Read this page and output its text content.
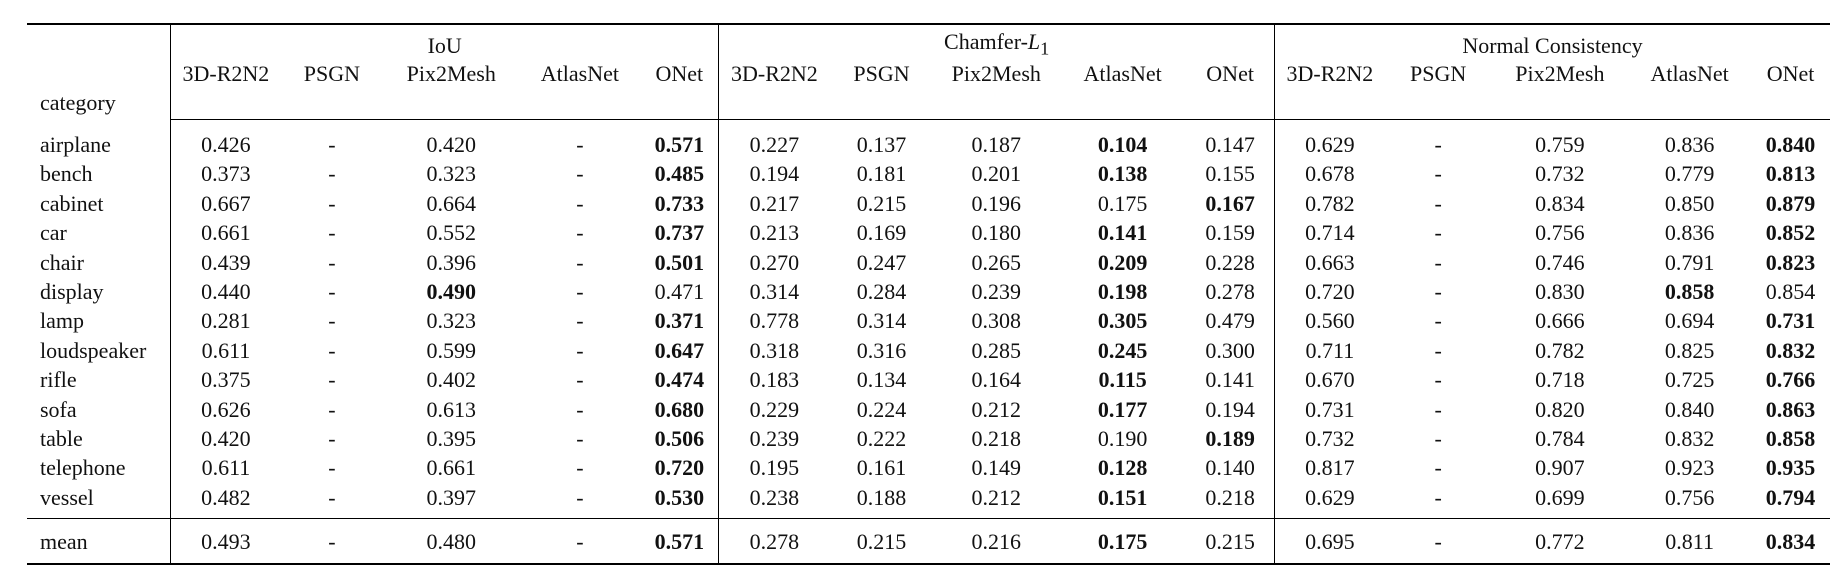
category	IoU					Chamfer-$L_1$					Normal Consistency				
	3D-R2N2	PSGN	Pix2Mesh	AtlasNet	ONet	3D-R2N2	PSGN	Pix2Mesh	AtlasNet	ONet	3D-R2N2	PSGN	Pix2Mesh	AtlasNet	ONet

airplane	0.426	-	0.420	-	0.571	0.227	0.137	0.187	0.104	0.147	0.629	-	0.759	0.836	0.840
bench	0.373	-	0.323	-	0.485	0.194	0.181	0.201	0.138	0.155	0.678	-	0.732	0.779	0.813
cabinet	0.667	-	0.664	-	0.733	0.217	0.215	0.196	0.175	0.167	0.782	-	0.834	0.850	0.879
car	0.661	-	0.552	-	0.737	0.213	0.169	0.180	0.141	0.159	0.714	-	0.756	0.836	0.852
chair	0.439	-	0.396	-	0.501	0.270	0.247	0.265	0.209	0.228	0.663	-	0.746	0.791	0.823
display	0.440	-	0.490	-	0.471	0.314	0.284	0.239	0.198	0.278	0.720	-	0.830	0.858	0.854
lamp	0.281	-	0.323	-	0.371	0.778	0.314	0.308	0.305	0.479	0.560	-	0.666	0.694	0.731
loudspeaker	0.611	-	0.599	-	0.647	0.318	0.316	0.285	0.245	0.300	0.711	-	0.782	0.825	0.832
rifle	0.375	-	0.402	-	0.474	0.183	0.134	0.164	0.115	0.141	0.670	-	0.718	0.725	0.766
sofa	0.626	-	0.613	-	0.680	0.229	0.224	0.212	0.177	0.194	0.731	-	0.820	0.840	0.863
table	0.420	-	0.395	-	0.506	0.239	0.222	0.218	0.190	0.189	0.732	-	0.784	0.832	0.858
telephone	0.611	-	0.661	-	0.720	0.195	0.161	0.149	0.128	0.140	0.817	-	0.907	0.923	0.935
vessel	0.482	-	0.397	-	0.530	0.238	0.188	0.212	0.151	0.218	0.629	-	0.699	0.756	0.794
mean	0.493	-	0.480	-	0.571	0.278	0.215	0.216	0.175	0.215	0.695	-	0.772	0.811	0.834
